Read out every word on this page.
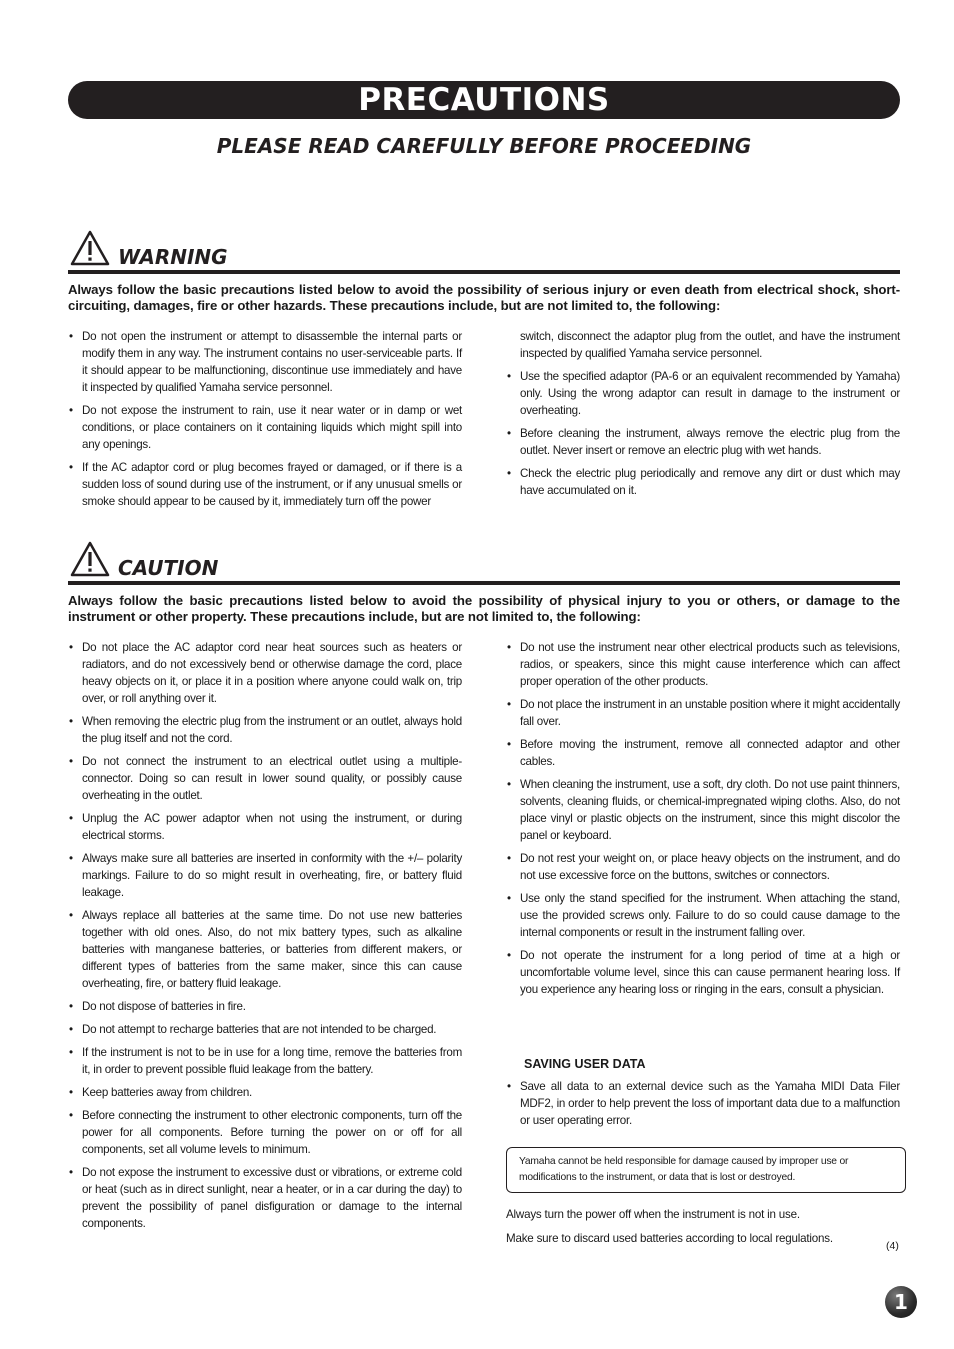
PRECAUTIONS
PLEASE READ CAREFULLY BEFORE PROCEEDING
WARNING
Always follow the basic precautions listed below to avoid the possibility of serious injury or even death from electrical shock, short-circuiting, damages, fire or other hazards. These precautions include, but are not limited to, the following:
• Do not open the instrument or attempt to disassemble the internal parts or modify them in any way. The instrument contains no user-serviceable parts. If it should appear to be malfunctioning, discontinue use immediately and have it inspected by qualified Yamaha service personnel.
• Do not expose the instrument to rain, use it near water or in damp or wet conditions, or place containers on it containing liquids which might spill into any openings.
• If the AC adaptor cord or plug becomes frayed or damaged, or if there is a sudden loss of sound during use of the instrument, or if any unusual smells or smoke should appear to be caused by it, immediately turn off the power
switch, disconnect the adaptor plug from the outlet, and have the instrument inspected by qualified Yamaha service personnel.
• Use the specified adaptor (PA-6 or an equivalent recommended by Yamaha) only. Using the wrong adaptor can result in damage to the instrument or overheating.
• Before cleaning the instrument, always remove the electric plug from the outlet. Never insert or remove an electric plug with wet hands.
• Check the electric plug periodically and remove any dirt or dust which may have accumulated on it.
CAUTION
Always follow the basic precautions listed below to avoid the possibility of physical injury to you or others, or damage to the instrument or other property. These precautions include, but are not limited to, the following:
• Do not place the AC adaptor cord near heat sources such as heaters or radiators, and do not excessively bend or otherwise damage the cord, place heavy objects on it, or place it in a position where anyone could walk on, trip over, or roll anything over it.
• When removing the electric plug from the instrument or an outlet, always hold the plug itself and not the cord.
• Do not connect the instrument to an electrical outlet using a multiple-connector. Doing so can result in lower sound quality, or possibly cause overheating in the outlet.
• Unplug the AC power adaptor when not using the instrument, or during electrical storms.
• Always make sure all batteries are inserted in conformity with the +/– polarity markings. Failure to do so might result in overheating, fire, or battery fluid leakage.
• Always replace all batteries at the same time. Do not use new batteries together with old ones. Also, do not mix battery types, such as alkaline batteries with manganese batteries, or batteries from different makers, or different types of batteries from the same maker, since this can cause overheating, fire, or battery fluid leakage.
• Do not dispose of batteries in fire.
• Do not attempt to recharge batteries that are not intended to be charged.
• If the instrument is not to be in use for a long time, remove the batteries from it, in order to prevent possible fluid leakage from the battery.
• Keep batteries away from children.
• Before connecting the instrument to other electronic components, turn off the power for all components. Before turning the power on or off for all components, set all volume levels to minimum.
• Do not expose the instrument to excessive dust or vibrations, or extreme cold or heat (such as in direct sunlight, near a heater, or in a car during the day) to prevent the possibility of panel disfiguration or damage to the internal components.
• Do not use the instrument near other electrical products such as televisions, radios, or speakers, since this might cause interference which can affect proper operation of the other products.
• Do not place the instrument in an unstable position where it might accidentally fall over.
• Before moving the instrument, remove all connected adaptor and other cables.
• When cleaning the instrument, use a soft, dry cloth. Do not use paint thinners, solvents, cleaning fluids, or chemical-impregnated wiping cloths. Also, do not place vinyl or plastic objects on the instrument, since this might discolor the panel or keyboard.
• Do not rest your weight on, or place heavy objects on the instrument, and do not use excessive force on the buttons, switches or connectors.
• Use only the stand specified for the instrument. When attaching the stand, use the provided screws only. Failure to do so could cause damage to the internal components or result in the instrument falling over.
• Do not operate the instrument for a long period of time at a high or uncomfortable volume level, since this can cause permanent hearing loss. If you experience any hearing loss or ringing in the ears, consult a physician.
SAVING USER DATA
• Save all data to an external device such as the Yamaha MIDI Data Filer MDF2, in order to help prevent the loss of important data due to a malfunction or user operating error.
Yamaha cannot be held responsible for damage caused by improper use or modifications to the instrument, or data that is lost or destroyed.
Always turn the power off when the instrument is not in use.
Make sure to discard used batteries according to local regulations.
(4)
1
